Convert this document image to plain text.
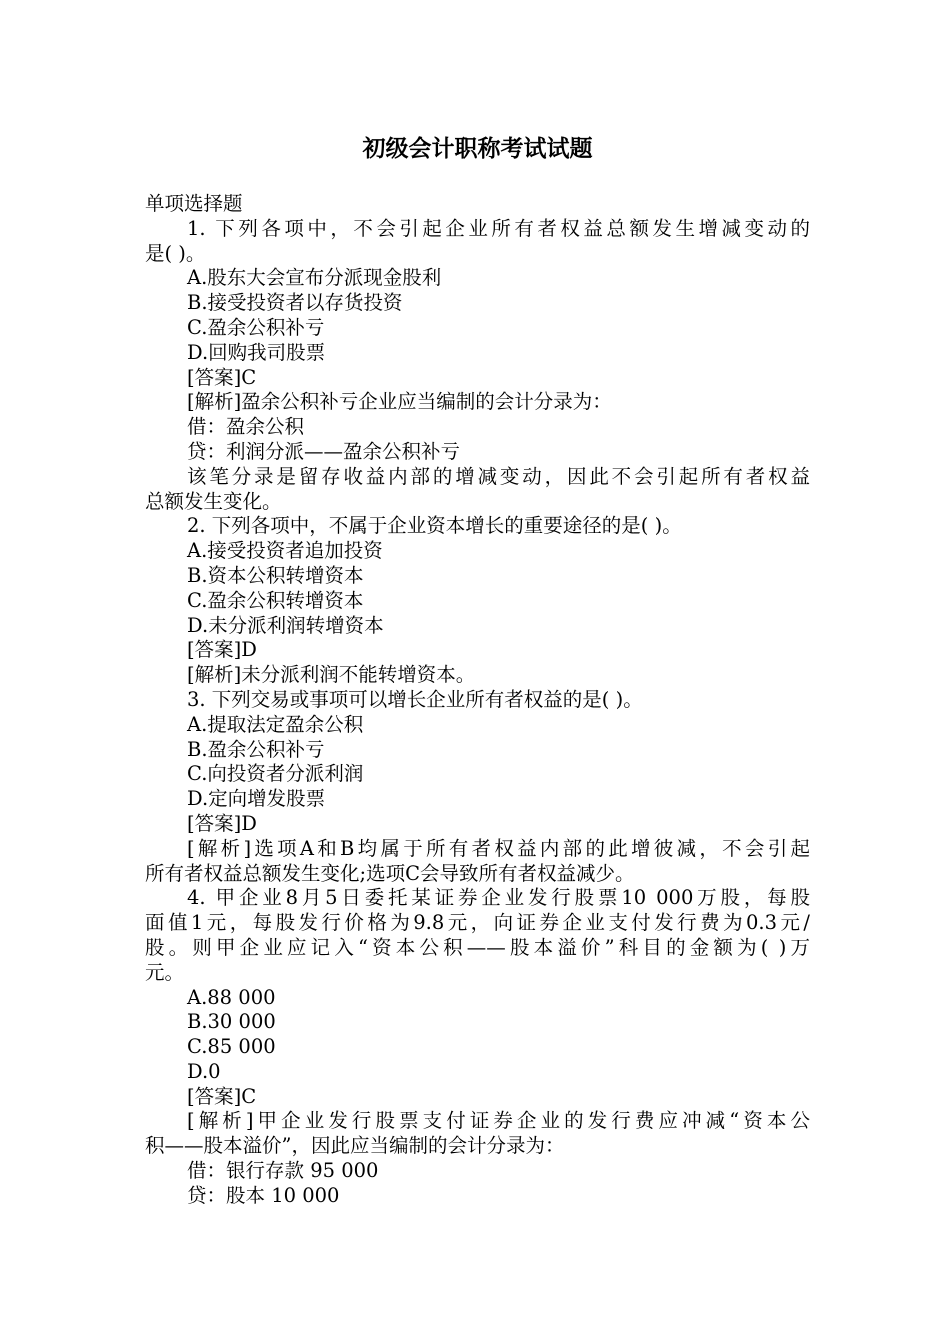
初级会计职称考试试题
单项选择题
1. 下列各项中，不会引起企业所有者权益总额发生增减变动的
是( )。
A.股东大会宣布分派现金股利
B.接受投资者以存货投资
C.盈余公积补亏
D.回购我司股票
[答案]C
[解析]盈余公积补亏企业应当编制的会计分录为：
借：盈余公积
贷：利润分派——盈余公积补亏
该笔分录是留存收益内部的增减变动，因此不会引起所有者权益
总额发生变化。
2. 下列各项中，不属于企业资本增长的重要途径的是( )。
A.接受投资者追加投资
B.资本公积转增资本
C.盈余公积转增资本
D.未分派利润转增资本
[答案]D
[解析]未分派利润不能转增资本。
3. 下列交易或事项可以增长企业所有者权益的是( )。
A.提取法定盈余公积
B.盈余公积补亏
C.向投资者分派利润
D.定向增发股票
[答案]D
[解析]选项A和B均属于所有者权益内部的此增彼减，不会引起
所有者权益总额发生变化;选项C会导致所有者权益减少。
4. 甲企业8月5日委托某证券企业发行股票10 000万股，每股
面值1元，每股发行价格为9.8元，向证券企业支付发行费为0.3元/
股。则甲企业应记入“资本公积——股本溢价”科目的金额为( )万
元。
A.88 000
B.30 000
C.85 000
D.0
[答案]C
[解析]甲企业发行股票支付证券企业的发行费应冲减“资本公
积——股本溢价”，因此应当编制的会计分录为：
借：银行存款 95 000
贷：股本 10 000
